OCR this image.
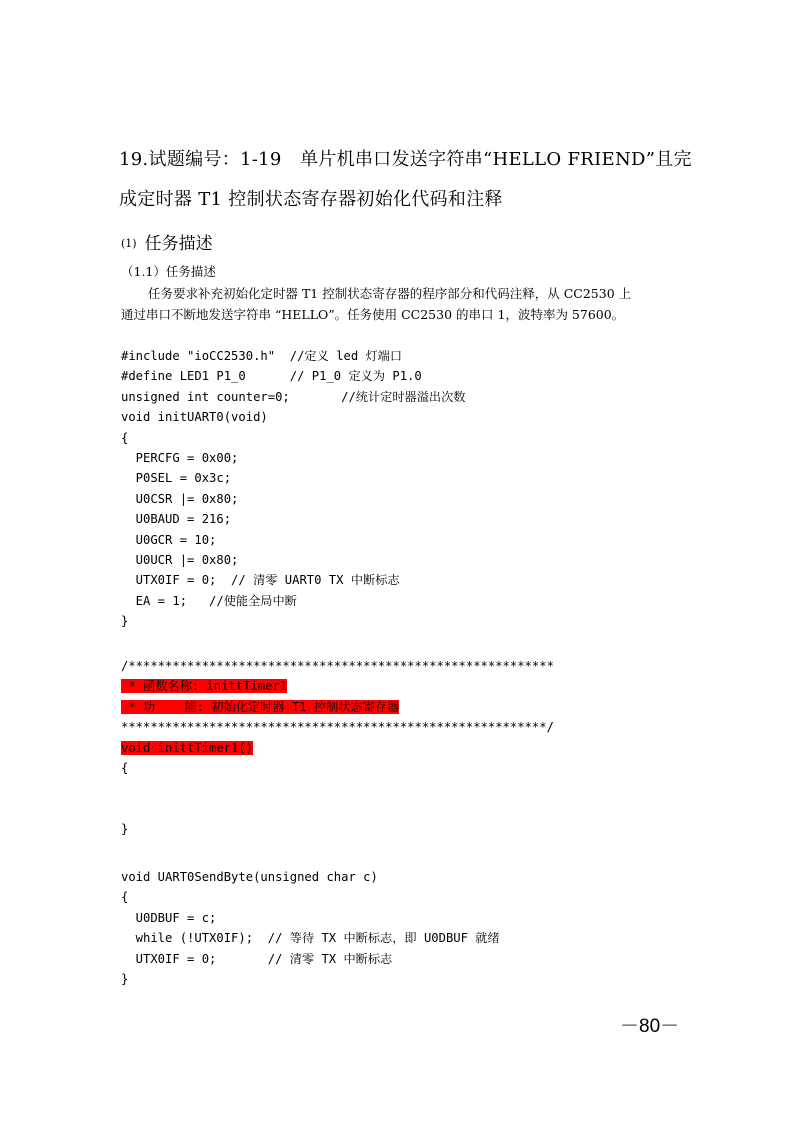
19.试题编号：1-19　单片机串口发送字符串“HELLO FRIEND”且完
成定时器 T1 控制状态寄存器初始化代码和注释
(1) 任务描述
（1.1）任务描述
任务要求补充初始化定时器 T1 控制状态寄存器的程序部分和代码注释，从 CC2530 上
通过串口不断地发送字符串 “HELLO”。任务使用 CC2530 的串口 1，波特率为 57600。
#include "ioCC2530.h"  //定义 led 灯端口
#define LED1 P1_0      // P1_0 定义为 P1.0
unsigned int counter=0;       //统计定时器溢出次数
void initUART0(void)
{
PERCFG = 0x00;
P0SEL = 0x3c;
U0CSR |= 0x80;
U0BAUD = 216;
U0GCR = 10;
U0UCR |= 0x80;
UTX0IF = 0;  // 清零 UART0 TX 中断标志
EA = 1;   //使能全局中断
}
/**********************************************************
* 函数名称: inittTimer1
* 功    能: 初始化定时器 T1 控制状态寄存器
**********************************************************/
void inittTimer1()
{

}
void UART0SendByte(unsigned char c)
{
U0DBUF = c;
while (!UTX0IF);  // 等待 TX 中断标志，即 U0DBUF 就绪
UTX0IF = 0;       // 清零 TX 中断标志
}
－80－
